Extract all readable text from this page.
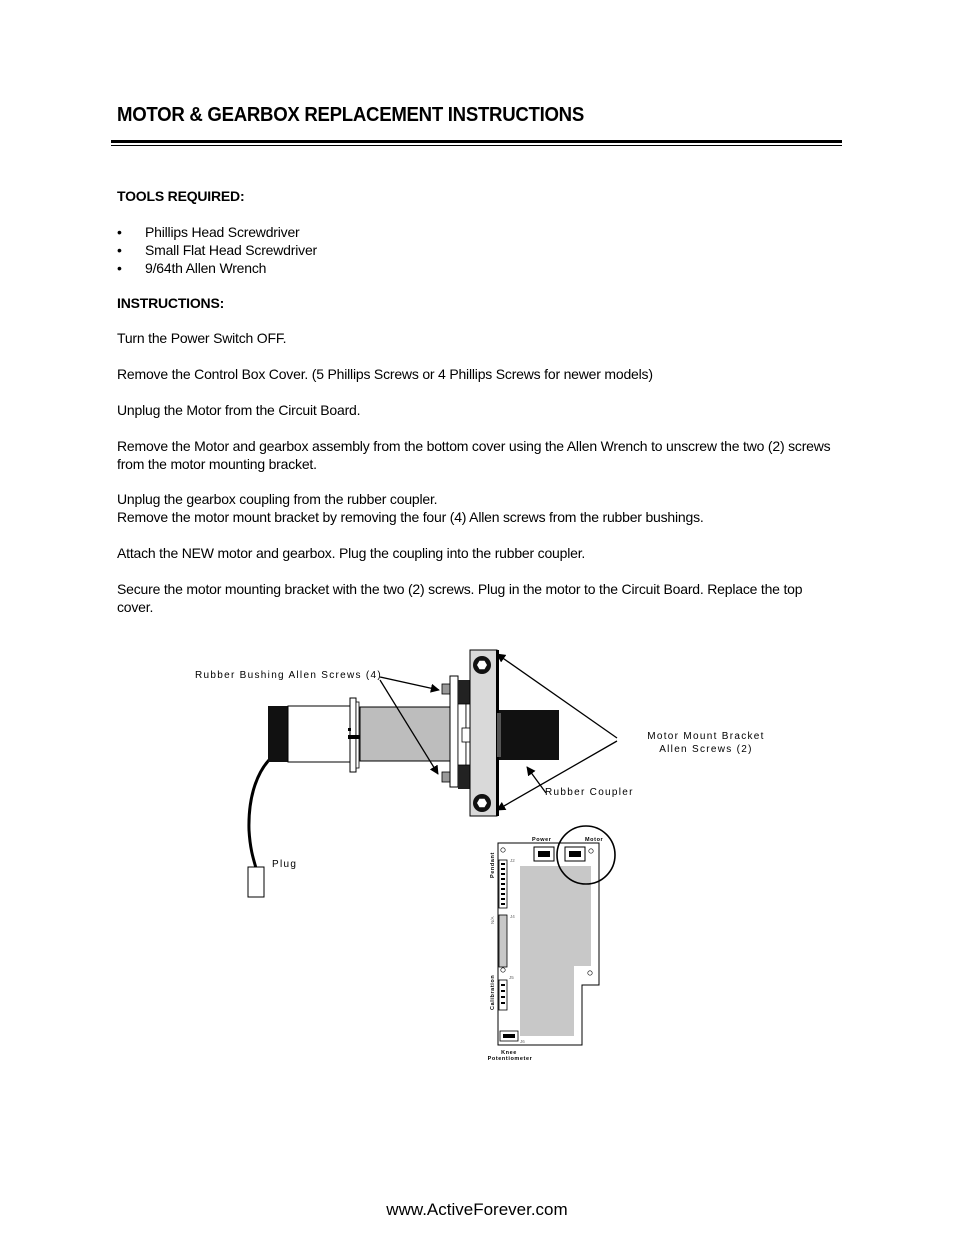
MOTOR & GEARBOX REPLACEMENT INSTRUCTIONS

TOOLS REQUIRED:

• Phillips Head Screwdriver
• Small Flat Head Screwdriver
• 9/64th Allen Wrench

INSTRUCTIONS:

Turn the Power Switch OFF.

Remove the Control Box Cover. (5 Phillips Screws or 4 Phillips Screws for newer models)

Unplug the Motor from the Circuit Board.

Remove the Motor and gearbox assembly from the bottom cover using the Allen Wrench to unscrew the two (2) screws from the motor mounting bracket.

Unplug the gearbox coupling from the rubber coupler.

Remove the motor mount bracket by removing the four (4) Allen screws from the rubber bushings.

Attach the NEW motor and gearbox. Plug the coupling into the rubber coupler.

Secure the motor mounting bracket with the two (2) screws. Plug in the motor to the Circuit Board. Replace the top cover.

Rubber Bushing Allen Screws (4)
Motor Mount Bracket
Allen Screws (2)
Rubber Coupler
Plug
Power	Motor
J2
J4
J5
J6
Pendant
N/A
Calibration
Knee
Potentiometer
www.ActiveForever.com
